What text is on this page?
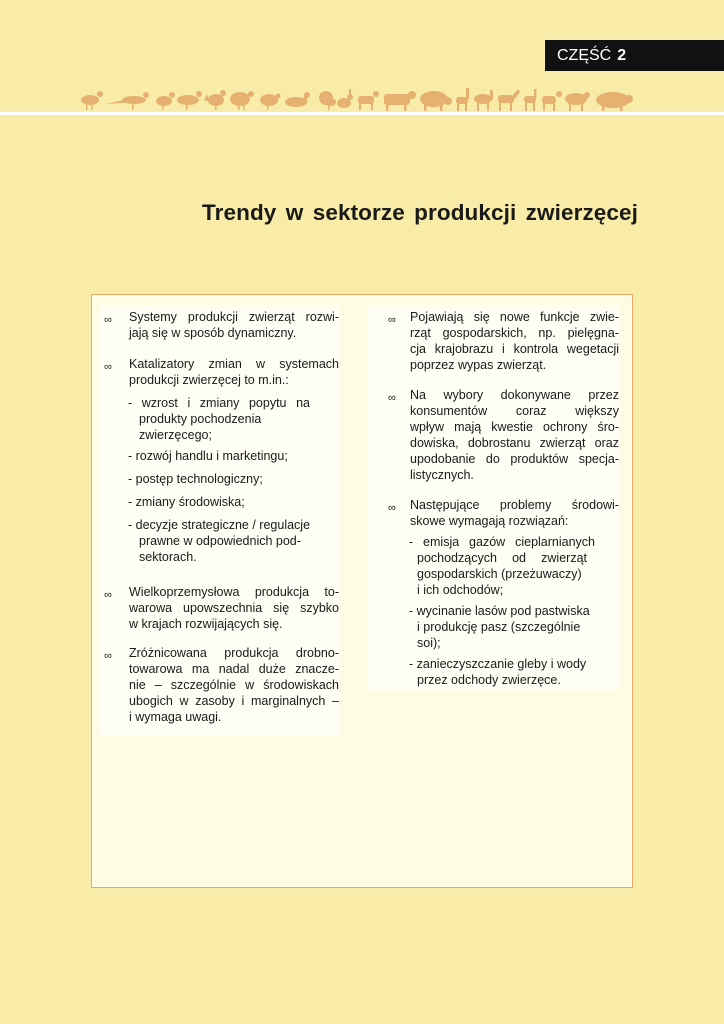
CZĘŚĆ 2
Trendy w sektorze produkcji zwierzęcej
∞ Systemy produkcji zwierząt rozwi-
jają się w sposób dynamiczny.
∞ Katalizatory zmian w systemach
produkcji zwierzęcej to m.in.:
- wzrost i zmiany popytu na
produkty pochodzenia
zwierzęcego;
- rozwój handlu i marketingu;
- postęp technologiczny;
- zmiany środowiska;
- decyzje strategiczne / regulacje
prawne w odpowiednich pod-
sektorach.
∞ Wielkoprzemysłowa produkcja to-
warowa upowszechnia się szybko
w krajach rozwijających się.
∞ Zróżnicowana produkcja drobno-
towarowa ma nadal duże znacze-
nie – szczególnie w środowiskach
ubogich w zasoby i marginalnych –
i wymaga uwagi.
∞ Pojawiają się nowe funkcje zwie-
rząt gospodarskich, np. pielęgna-
cja krajobrazu i kontrola wegetacji
poprzez wypas zwierząt.
∞ Na wybory dokonywane przez
konsumentów coraz większy
wpływ mają kwestie ochrony śro-
dowiska, dobrostanu zwierząt oraz
upodobanie do produktów specja-
listycznych.
∞ Następujące problemy środowi-
skowe wymagają rozwiązań:
- emisja gazów cieplarnianych
pochodzących od zwierząt
gospodarskich (przeżuwaczy)
i ich odchodów;
- wycinanie lasów pod pastwiska
i produkcję pasz (szczególnie
soi);
- zanieczyszczanie gleby i wody
przez odchody zwierzęce.
